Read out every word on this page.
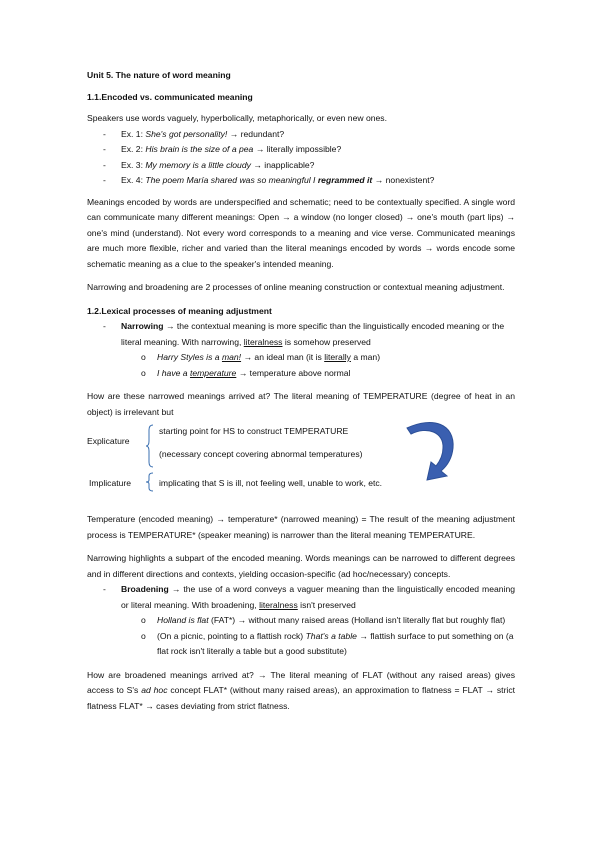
Unit 5. The nature of word meaning
1.1.Encoded vs. communicated meaning

Speakers use words vaguely, hyperbolically, metaphorically, or even new ones.

- Ex. 1: She's got personality! → redundant?
- Ex. 2: His brain is the size of a pea → literally impossible?
- Ex. 3: My memory is a little cloudy → inapplicable?
- Ex. 4: The poem María shared was so meaningful I regrammed it → nonexistent?

Meanings encoded by words are underspecified and schematic; need to be contextually specified. A single word can communicate many different meanings: Open → a window (no longer closed) → one's mouth (part lips) → one's mind (understand). Not every word corresponds to a meaning and vice verse. Communicated meanings are much more flexible, richer and varied than the literal meanings encoded by words → words encode some schematic meaning as a clue to the speaker's intended meaning.

Narrowing and broadening are 2 processes of online meaning construction or contextual meaning adjustment.

1.2.Lexical processes of meaning adjustment
- Narrowing → the contextual meaning is more specific than the linguistically encoded meaning or the literal meaning. With narrowing, literalness is somehow preserved
o Harry Styles is a man! → an ideal man (it is literally a man)
o I have a temperature → temperature above normal

How are these narrowed meanings arrived at? The literal meaning of TEMPERATURE (degree of heat in an object) is irrelevant but

Explicature
starting point for HS to construct TEMPERATURE
(necessary concept covering abnormal temperatures)
Implicature	implicating that S is ill, not feeling well, unable to work, etc.

Temperature (encoded meaning) → temperature* (narrowed meaning) = The result of the meaning adjustment process is TEMPERATURE* (speaker meaning) is narrower than the literal meaning TEMPERATURE.

Narrowing highlights a subpart of the encoded meaning. Words meanings can be narrowed to different degrees and in different directions and contexts, yielding occasion-specific (ad hoc/necessary) concepts.

- Broadening → the use of a word conveys a vaguer meaning than the linguistically encoded meaning or literal meaning. With broadening, literalness isn't preserved
o Holland is flat (FAT*) → without many raised areas (Holland isn't literally flat but roughly flat)
o (On a picnic, pointing to a flattish rock) That's a table → flattish surface to put something on (a flat rock isn't literally a table but a good substitute)

How are broadened meanings arrived at? → The literal meaning of FLAT (without any raised areas) gives access to S's ad hoc concept FLAT* (without many raised areas), an approximation to flatness = FLAT → strict flatness FLAT* → cases deviating from strict flatness.
